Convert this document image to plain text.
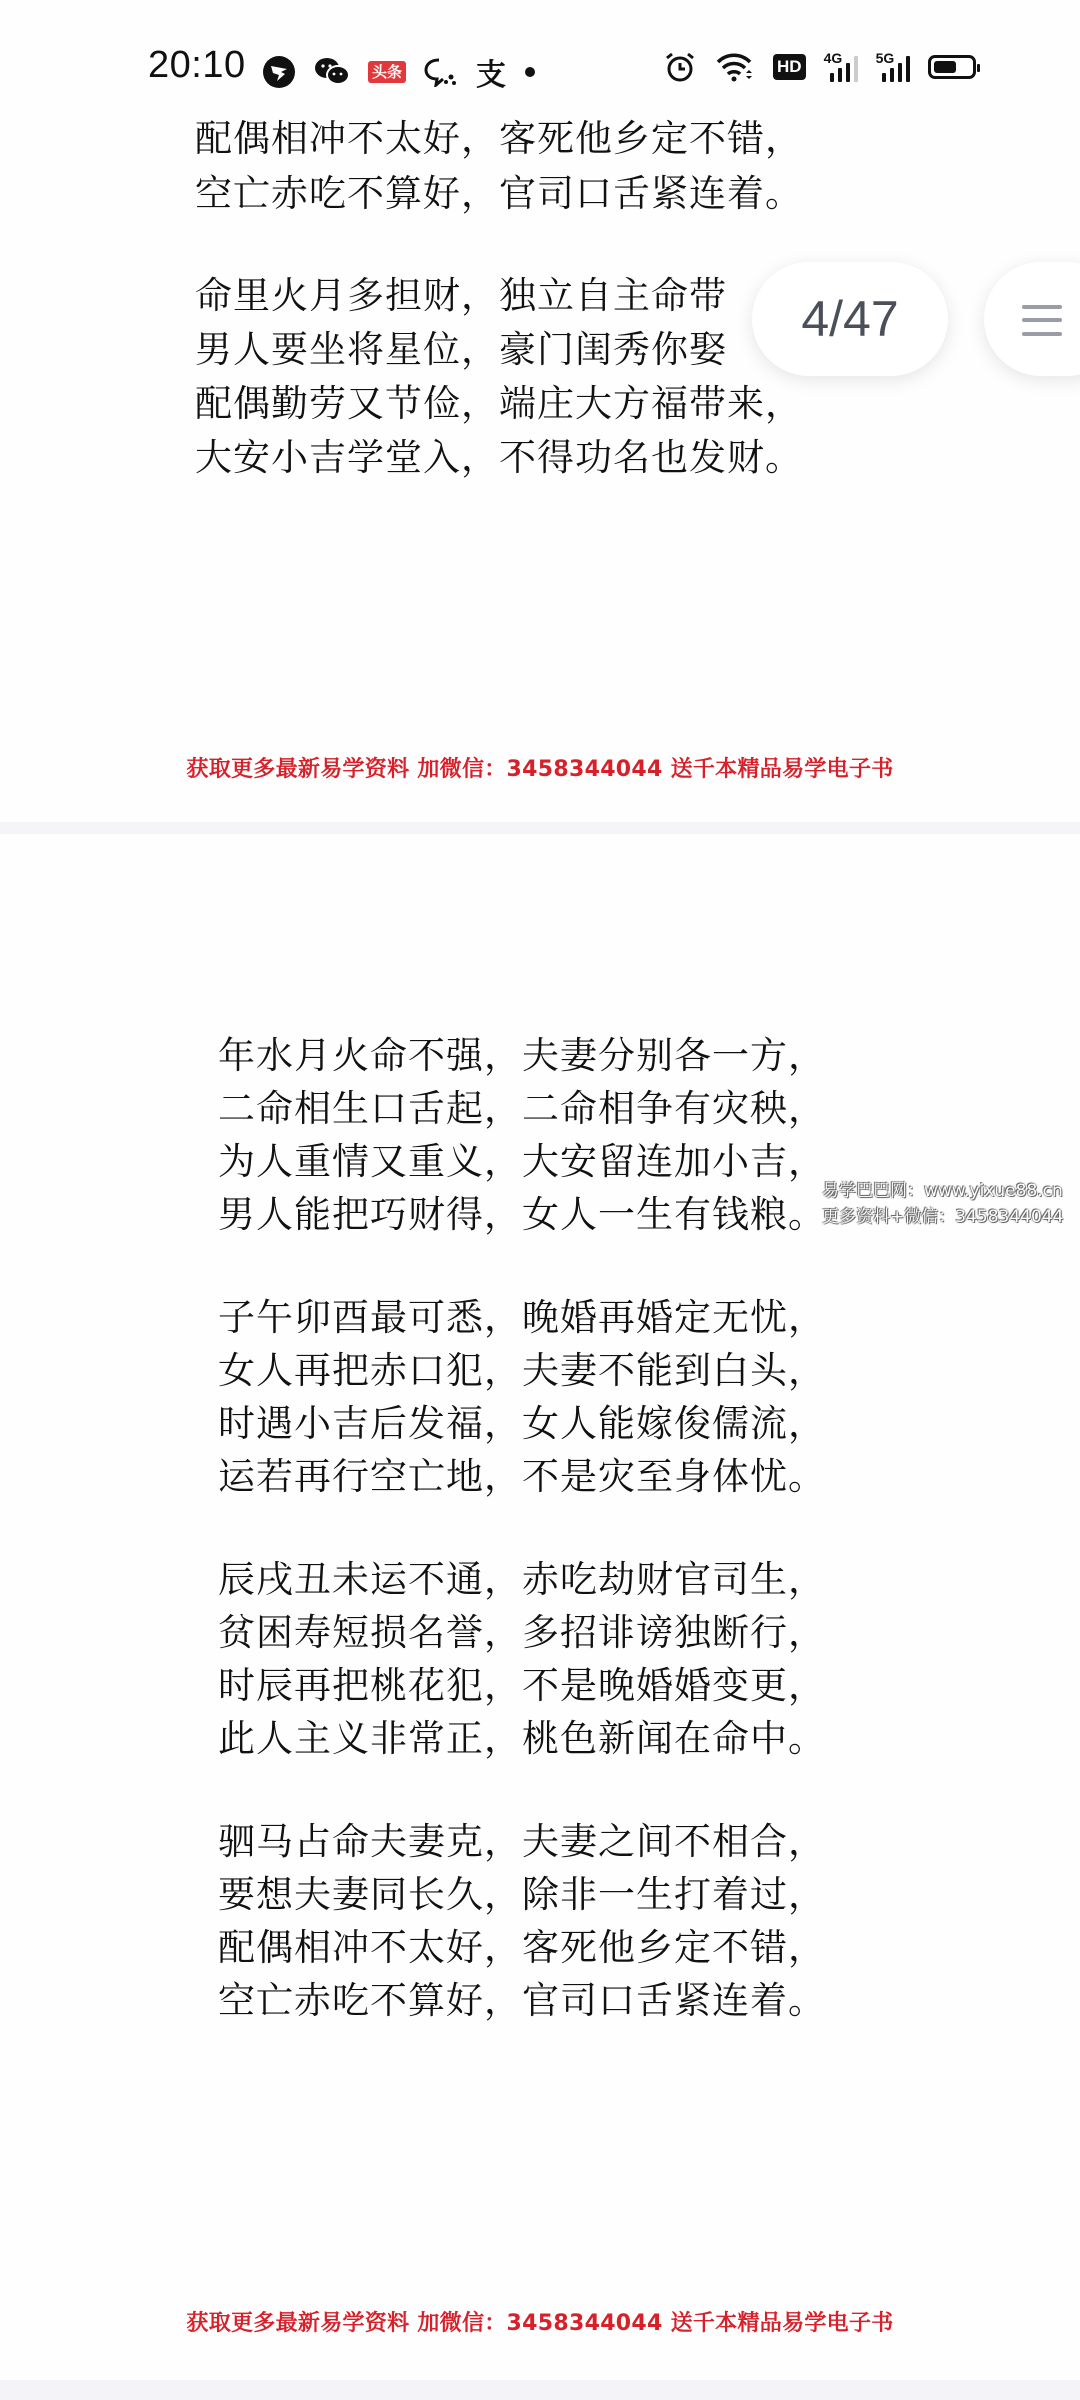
20:10	头条 支	HD 4G 5G
配偶相冲不太好，客死他乡定不错，
空亡赤吃不算好，官司口舌紧连着。
命里火月多担财，独立自主命带
男人要坐将星位，豪门闺秀你娶
配偶勤劳又节俭，端庄大方福带来，
大安小吉学堂入，不得功名也发财。
获取更多最新易学资料 加微信：3458344044 送千本精品易学电子书
年水月火命不强，夫妻分别各一方，
二命相生口舌起，二命相争有灾秧，
为人重情又重义，大安留连加小吉，
男人能把巧财得，女人一生有钱粮。
易学巴巴网：www.yixue88.cn
更多资料+微信：3458344044
子午卯酉最可悉，晚婚再婚定无忧，
女人再把赤口犯，夫妻不能到白头，
时遇小吉后发福，女人能嫁俊儒流，
运若再行空亡地，不是灾至身体忧。
辰戌丑未运不通，赤吃劫财官司生，
贫困寿短损名誉，多招诽谤独断行，
时辰再把桃花犯，不是晚婚婚变更，
此人主义非常正，桃色新闻在命中。
驷马占命夫妻克，夫妻之间不相合，
要想夫妻同长久，除非一生打着过，
配偶相冲不太好，客死他乡定不错，
空亡赤吃不算好，官司口舌紧连着。
获取更多最新易学资料 加微信：3458344044 送千本精品易学电子书
4/47
